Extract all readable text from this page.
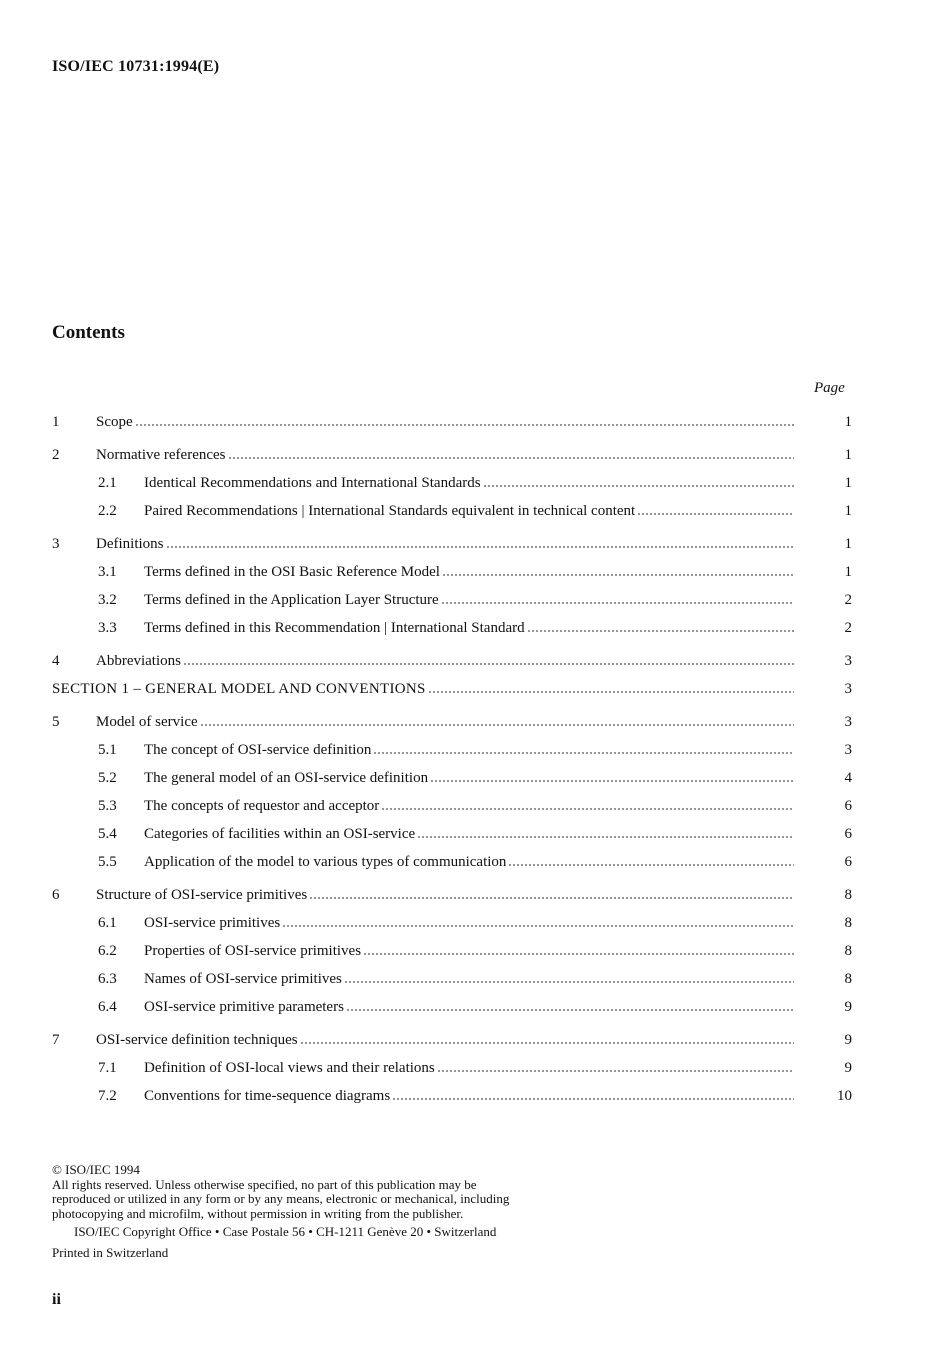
ISO/IEC 10731:1994(E)
Contents
Page
1 Scope	1
2 Normative references	1
2.1 Identical Recommendations and International Standards	1
2.2 Paired Recommendations | International Standards equivalent in technical content	1
3 Definitions	1
3.1 Terms defined in the OSI Basic Reference Model	1
3.2 Terms defined in the Application Layer Structure	2
3.3 Terms defined in this Recommendation | International Standard	2
4 Abbreviations	3
SECTION 1 – GENERAL MODEL AND CONVENTIONS	3
5 Model of service	3
5.1 The concept of OSI-service definition	3
5.2 The general model of an OSI-service definition	4
5.3 The concepts of requestor and acceptor	6
5.4 Categories of facilities within an OSI-service	6
5.5 Application of the model to various types of communication	6
6 Structure of OSI-service primitives	8
6.1 OSI-service primitives	8
6.2 Properties of OSI-service primitives	8
6.3 Names of OSI-service primitives	8
6.4 OSI-service primitive parameters	9
7 OSI-service definition techniques	9
7.1 Definition of OSI-local views and their relations	9
7.2 Conventions for time-sequence diagrams	10

© ISO/IEC 1994

All rights reserved. Unless otherwise specified, no part of this publication may be

reproduced or utilized in any form or by any means, electronic or mechanical, including

photocopying and microfilm, without permission in writing from the publisher.

ISO/IEC Copyright Office • Case Postale 56 • CH-1211 Genève 20 • Switzerland

Printed in Switzerland

ii
